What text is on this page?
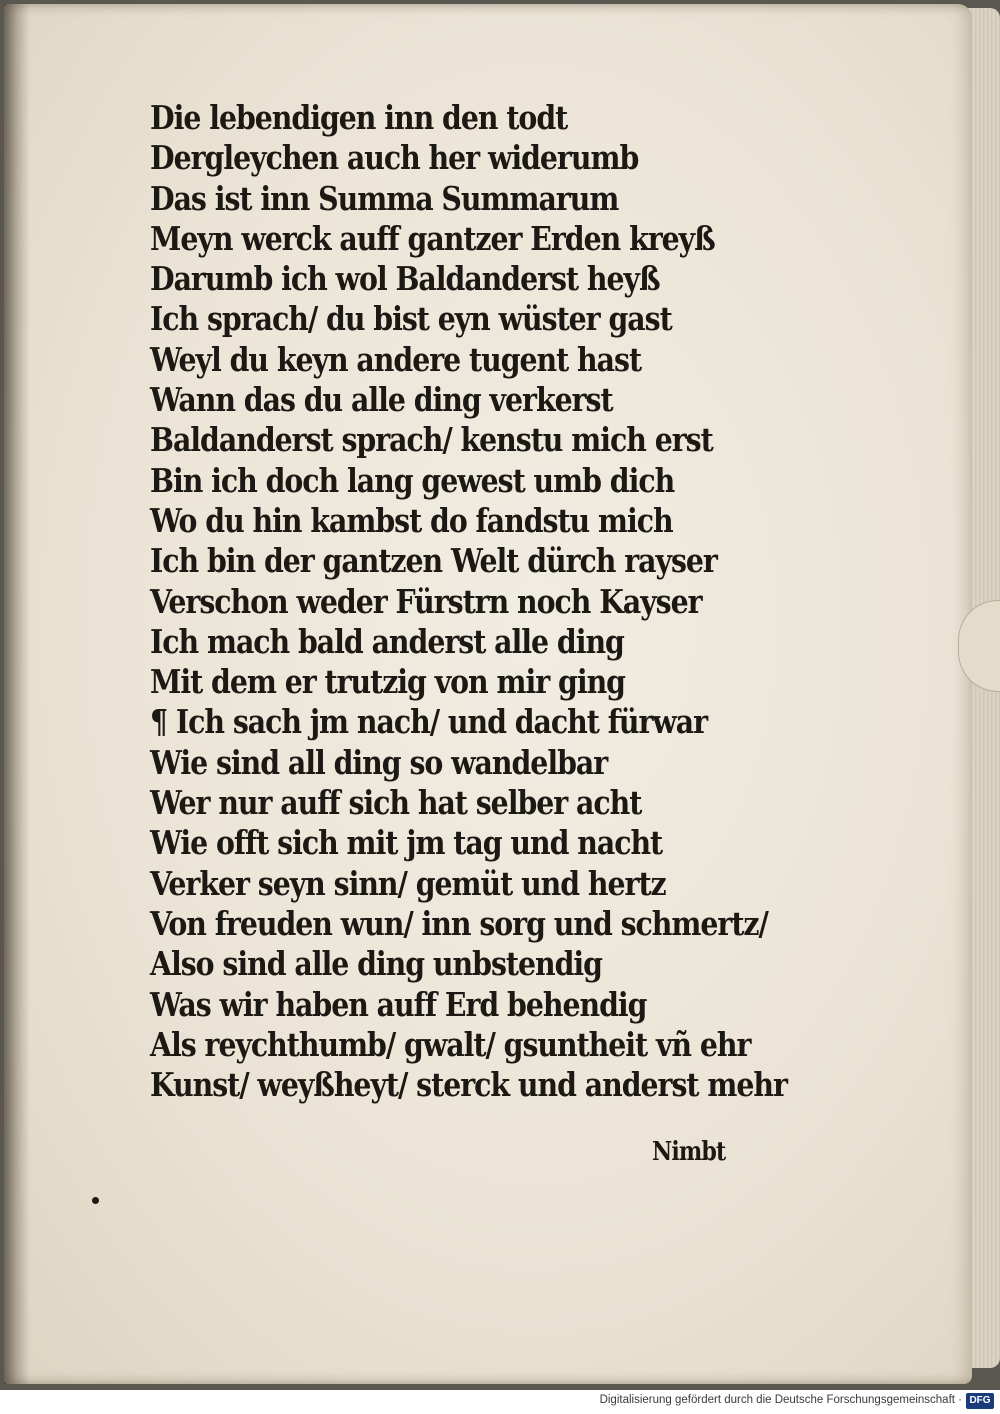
Die lebendigen inn den todt
Dergleychen auch her widerumb
Das ist inn Summa Summarum
Meyn werck auff gantzer Erden kreyß
Darumb ich wol Baldanderst heyß
Ich sprach/ du bist eyn wüster gast
Weyl du keyn andere tugent hast
Wann das du alle ding verkerst
Baldanderst sprach/ kenstu mich erst
Bin ich doch lang gewest umb dich
Wo du hin kambst do fandstu mich
Ich bin der gantzen Welt dürch rayser
Verschon weder Fürstrn noch Kayser
Ich mach bald anderst alle ding
Mit dem er trutzig von mir ging
¶ Ich sach jm nach/ und dacht fürwar
Wie sind all ding so wandelbar
Wer nur auff sich hat selber acht
Wie offt sich mit jm tag und nacht
Verker seyn sinn/ gemüt und hertz
Von freuden wun/ inn sorg und schmertz/
Also sind alle ding unbstendig
Was wir haben auff Erd behendig
Als reychthumb/ gwalt/ gsuntheit vñ ehr
Kunst/ weyßheyt/ sterck und anderst mehr
Nimbt
Digitalisierung gefördert durch die Deutsche Forschungsgemeinschaft · DFG
